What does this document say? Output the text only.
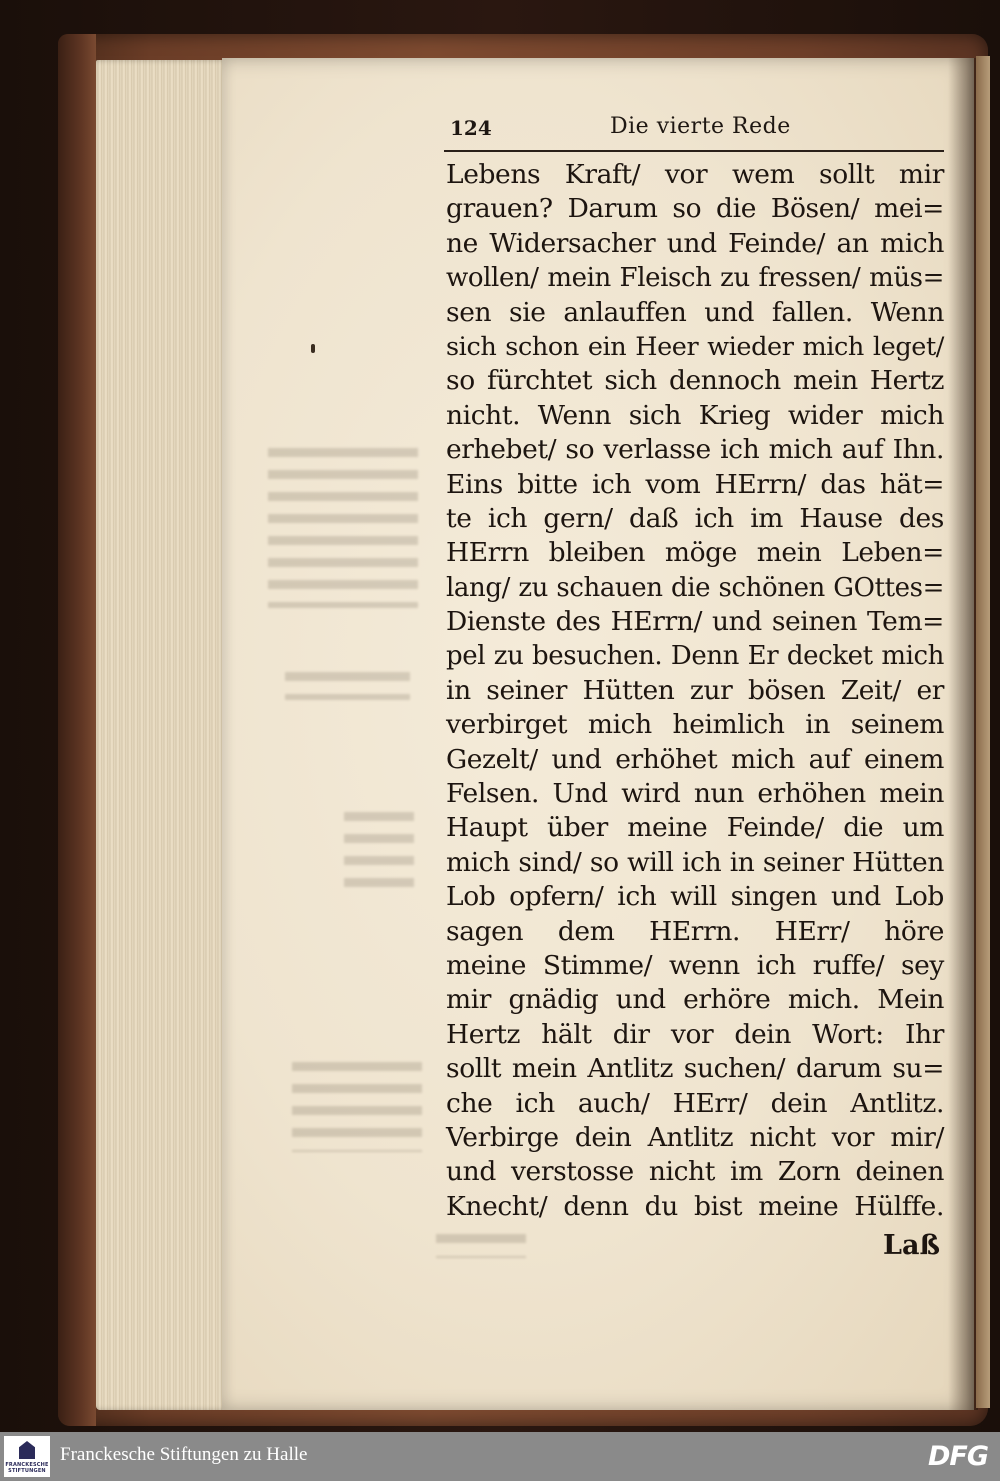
124	Die vierte Rede
Lebens Kraft/ vor wem sollt mir
grauen? Darum so die Bösen/ mei=
ne Widersacher und Feinde/ an mich
wollen/ mein Fleisch zu fressen/ müs=
sen sie anlauffen und fallen. Wenn
sich schon ein Heer wieder mich leget/
so fürchtet sich dennoch mein Hertz
nicht. Wenn sich Krieg wider mich
erhebet/ so verlasse ich mich auf Ihn.
Eins bitte ich vom HErrn/ das hät=
te ich gern/ daß ich im Hause des
HErrn bleiben möge mein Leben=
lang/ zu schauen die schönen GOttes=
Dienste des HErrn/ und seinen Tem=
pel zu besuchen. Denn Er decket mich
in seiner Hütten zur bösen Zeit/ er
verbirget mich heimlich in seinem
Gezelt/ und erhöhet mich auf einem
Felsen. Und wird nun erhöhen mein
Haupt über meine Feinde/ die um
mich sind/ so will ich in seiner Hütten
Lob opfern/ ich will singen und Lob
sagen dem HErrn. HErr/ höre
meine Stimme/ wenn ich ruffe/ sey
mir gnädig und erhöre mich. Mein
Hertz hält dir vor dein Wort: Ihr
sollt mein Antlitz suchen/ darum su=
che ich auch/ HErr/ dein Antlitz.
Verbirge dein Antlitz nicht vor mir/
und verstosse nicht im Zorn deinen
Knecht/ denn du bist meine Hülffe.
Laß
FRANCKESCHE STIFTUNGEN
Franckesche Stiftungen zu Halle	DFG
